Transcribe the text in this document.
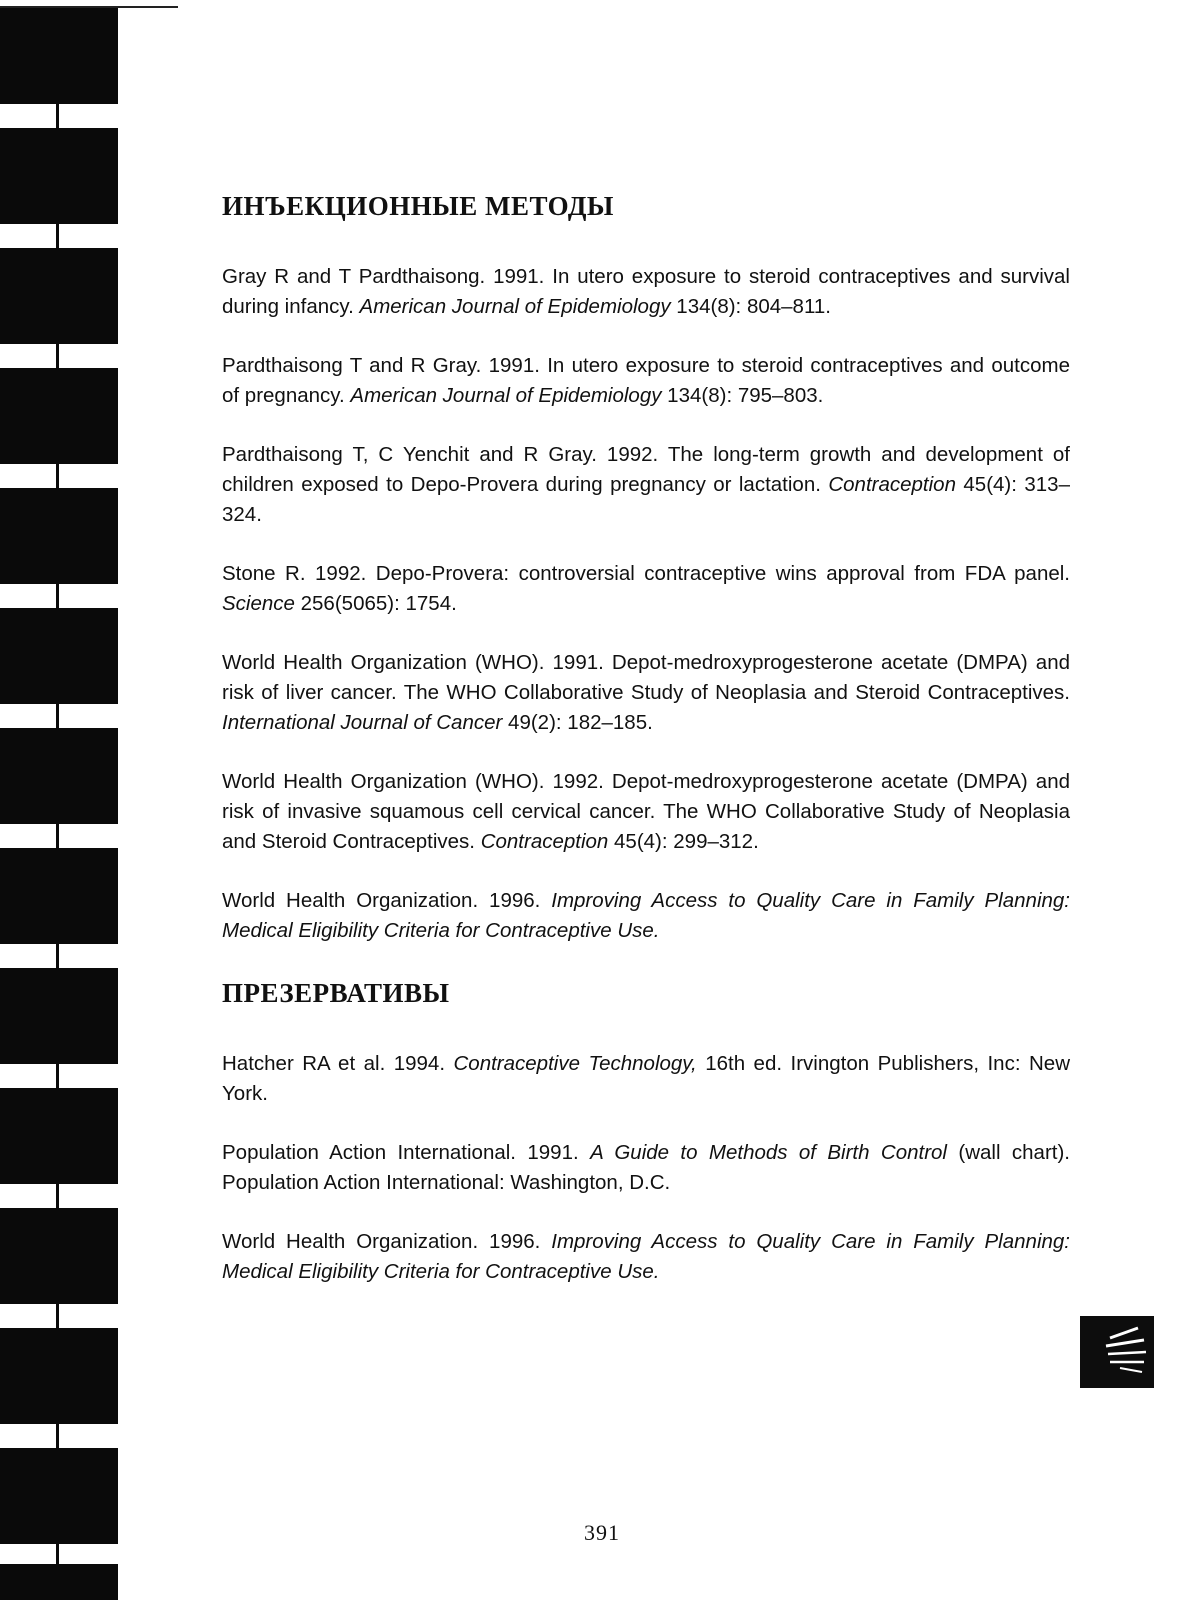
ИНЪЕКЦИОННЫЕ МЕТОДЫ

Gray R and T Pardthaisong. 1991. In utero exposure to steroid contraceptives and survival during infancy. American Journal of Epidemiology 134(8): 804–811.

Pardthaisong T and R Gray. 1991. In utero exposure to steroid contraceptives and outcome of pregnancy. American Journal of Epidemiology 134(8): 795–803.

Pardthaisong T, C Yenchit and R Gray. 1992. The long-term growth and development of children exposed to Depo-Provera during pregnancy or lactation. Contraception 45(4): 313–324.

Stone R. 1992. Depo-Provera: controversial contraceptive wins approval from FDA panel. Science 256(5065): 1754.

World Health Organization (WHO). 1991. Depot-medroxyprogesterone acetate (DMPA) and risk of liver cancer. The WHO Collaborative Study of Neoplasia and Steroid Contraceptives. International Journal of Cancer 49(2): 182–185.

World Health Organization (WHO). 1992. Depot-medroxyprogesterone acetate (DMPA) and risk of invasive squamous cell cervical cancer. The WHO Collaborative Study of Neoplasia and Steroid Contraceptives. Contraception 45(4): 299–312.

World Health Organization. 1996. Improving Access to Quality Care in Family Planning: Medical Eligibility Criteria for Contraceptive Use.

ПРЕЗЕРВАТИВЫ

Hatcher RA et al. 1994. Contraceptive Technology, 16th ed. Irvington Publishers, Inc: New York.

Population Action International. 1991. A Guide to Methods of Birth Control (wall chart). Population Action International: Washington, D.C.

World Health Organization. 1996. Improving Access to Quality Care in Family Planning: Medical Eligibility Criteria for Contraceptive Use.

391
